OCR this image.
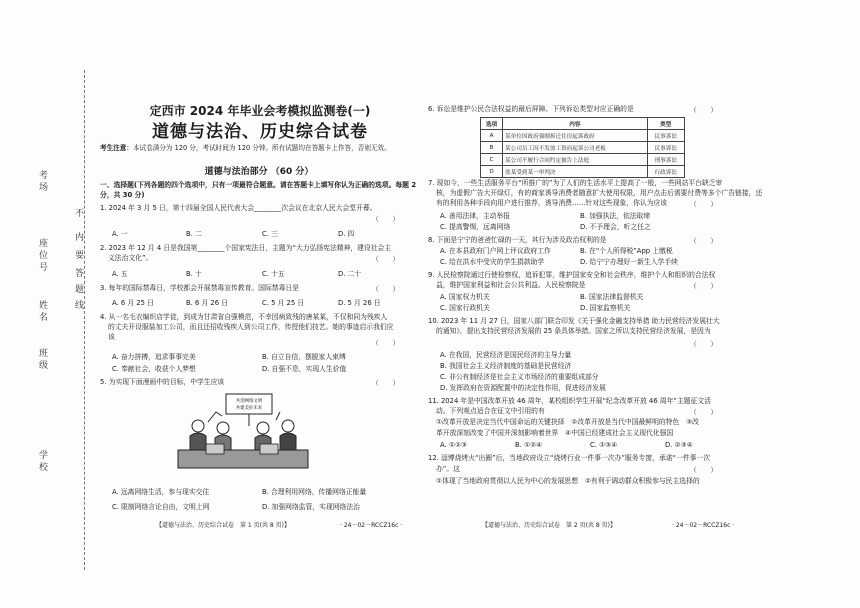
考场
座位号
姓名	线
内
不
要
答
题
班级
学校
定西市 2024 年毕业会考模拟监测卷(一)
道德与法治、历史综合试卷
考生注意：本试卷满分为 120 分，考试时间为 120 分钟。所有试题均在答题卡上作答，否则无效。
道德与法治部分 （60 分）
一、选择题(下列各题的四个选项中，只有一项最符合题意。请在答题卡上填写你认为正确的选项。每题 2 分，共 30 分)
1. 2024 年 3 月 5 日，第十四届全国人民代表大会________次会议在北京人民大会堂开幕。
（　　）
A. 一	B. 二	C. 三	D. 四
2. 2023 年 12 月 4 日是我国第________个国家宪法日，主题为“大力弘扬宪法精神，建设社会主
义法治文化”。	（　　）
A. 五	B. 十	C. 十五	D. 二十
3. 每年的国际禁毒日，学校都会开展禁毒宣传教育。国际禁毒日是	（　　）
A. 6 月 25 日	B. 6 月 26 日	C. 5 月 25 日	D. 5 月 26 日
4. 从一名毛衣编织店学徒，到成为甘肃省自强模范，不幸因病致残的唐某某，不仅和同为残疾人
的丈夫开设服装加工公司，而且还招收残疾人到公司工作，传授他们技艺。她的事迹启示我们应
该
（　　）
A. 奋力拼搏，追求事事完美	B. 自立自信，摆脱家人束缚
C. 奉献社会，收获个人梦想	D. 自强不息，实现人生价值
5. 为实现下面漫画中的目标，中学生应该	（　　）
共创网络文明
共建美好未来
A. 远离网络生活，参与现实交往	B. 合理利用网络，传播网络正能量
C. 限制网络言论自由，文明上网	D. 加强网络监管，实现网络法治
【道德与法治、历史综合试卷　第 1 页(共 8 页)】	· 24－02－RCCZ16c ·
6. 诉讼是维护公民合法权益的最后屏障。下列诉讼类型对应正确的是	（　　）
选项	内容	类型
A	某单位因政府强制拆迁住房起诉政府	民事诉讼
B	某公司员工因不发放工资而起诉公司老板	民事诉讼
C	某公司不履行合同约定被告上法庭	刑事诉讼
D	张某受到某一审判决	行政诉讼
7. 现如今，一些生活服务平台“所推广的”为了人们的生活水平上提高了一般，一些网站平台缺乏审
核，为虚假广告大开绿灯，有的商家诱导消费者随意扩大使用权限，用户点击后需要付费等多个广告链接，还
有的利用各种手段向用户进行推荐，诱导消费……针对这些现象，你认为应该	（　　）
A. 善用法律，主动举报	B. 加强执法，依法取缔
C. 提高警惕，远离网络	D. 不予理会，听之任之
8. 下面是宁宁的爸爸忙碌的一天，其行为涉及政治权利的是	（　　）
A. 在本县政府门户网上评议政府工作	B. 在“个人所得税”App 上缴税
C. 给在洪水中受灾的学生捐款助学	D. 给宁宁办理好一新生入学手续
9. 人民检察院通过行使检察权，追诉犯罪，维护国家安全和社会秩序，维护个人和组织的合法权
益，维护国家利益和社会公共利益。人民检察院是	（　　）
A. 国家权力机关	B. 国家法律监督机关
C. 国家行政机关	D. 国家监察机关
10. 2023 年 11 月 27 日，国家八部门联合印发《关于强化金融支持举措 助力民营经济发展壮大
的通知》，提出支持民营经济发展的 25 条具体举措。国家之所以支持民营经济发展，是因为
（　　）
A. 在我国，民营经济是国民经济的主导力量
B. 我国社会主义经济制度的基础是民营经济
C. 非公有制经济是社会主义市场经济的重要组成部分
D. 发挥政府在资源配置中的决定性作用，促进经济发展
11. 2024 年是中国改革开放 46 周年，某校组织学生开展“纪念改革开放 46 周年”主题征文活
动。下列观点适合在征文中引用的有	（　　）
①改革开放是决定当代中国命运的关键抉择　②改革开放是当代中国最鲜明的特色　③改
革开放深刻改变了中国并深刻影响着世界　④中国已经建成社会主义现代化强国
A. ①②③	B. ①②④	C. ①③④	D. ②③④
12. 淄博烧烤火“出圈”后，当地政府设立“烧烤行业一件事一次办”服务专窗，承诺“一件事一次
办”。这	（　　）
①体现了当地政府贯彻以人民为中心的发展思想　②有利于调动群众积极参与民主选择的
【道德与法治、历史综合试卷　第 2 页(共 8 页)】	· 24－02－RCCZ16c ·
